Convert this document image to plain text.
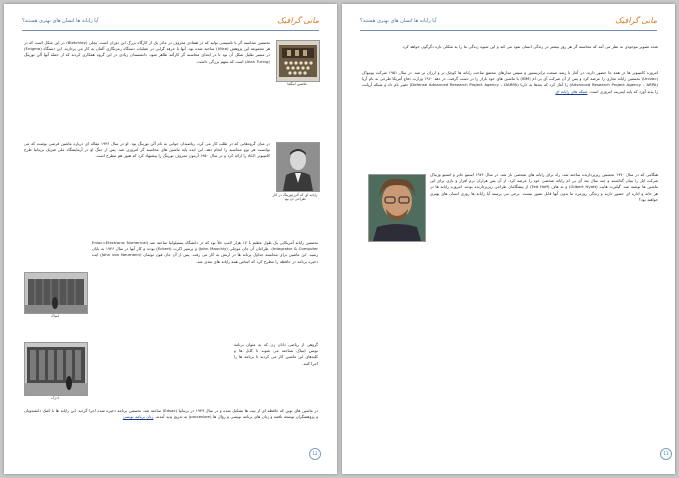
آیا رایانه ها انسان های بهتری هستند؟	مانی گرافیک
ماشین انیگما
نخستین محاسبه گر با تاسیسی تولید که در هفتادی معروف در مادر یک از کارگاه بزرگ این دوران است. بچلی (Bletchley) در این شکل است که در هر مجموعه این پژوهش (Ultra) ساخته شده بود. آنها با حرفه گرایی در عملیات دستگاه رمزنگاری آلمان به کار می پردازند. این دستگاه (Enigma) در مسیر تقلیل شکل آن بود تا در ابتدای محاسبه گر کارآمد ظاهر شود. دانشمندان زیادی در این گروه همکاری کردند که از جمله آنها آلن تورینگ (Alan Turing) است که سهم بزرگی داشت.
رایانه ای که آلن تورینگ در کار طراحی آن بود
در میان گروه‌هایی که در طلب کار می کرد، ریاضیدان جوانی به نام آلن تورینگ بود. او در سال ۱۹۳۶ مقاله ای درباره ماشین فرضی نوشت که می توانست هر نوع محاسبه را انجام دهد. این ایده پایه ماشین های محاسبه گر امروزی شد. پس از جنگ او در آزمایشگاه ملی فیزیک بریتانیا طرح کامپیوتر ACE را ارائه کرد و در سال ۱۹۵۰ آزمون معروف تورینگ را پیشنهاد کرد که هنوز هم مطرح است.
اینیاک
نخستین رایانه آمریکایی یک طول عظیم با ۱۷ هزار لامپ خلأ بود که در دانشگاه پنسیلوانیا ساخته شد (Eniac=Electronic Numerical Integrator & Computer). طراحان آن جان موچلی (John Mauchly) و پرسپر اکرت (Eckert) بودند و کار آنها در سال ۱۹۴۶ به پایان رسید. این ماشین برای محاسبه جداول پرتابه ها در ارتش به کار می رفت. پس از آن جان فون نویمان (John von Neumann) ایده ذخیره برنامه در حافظه را مطرح کرد که اساس همه رایانه های بعدی شد.
ادزک
گروهی از ریاضی دانان زن که به عنوان برنامه نویس اینیاک شناخته می شوند با کابل ها و کلیدهای این ماشین کار می کردند تا برنامه ها را اجرا کنند.
در ماشین های نوین که حافظه ای از بیت ها تشکیل شده و در سال ۱۹۴۹ در بریتانیا (Edsac) ساخته شد، نخستین برنامه ذخیره شده اجرا گردید. این رایانه ها با کمک دانشجویان و پژوهشگران توسعه یافتند و زبان های برنامه نویسی و روال ها (procedure) به تدریج پدید آمدند. زبان برنامه نویسی
12
آیا رایانه ها انسان های بهتری هستند؟	مانی گرافیک
شده تصویر موجودی به نظر می آمد که محاسبه گر هر روز بیشتر در زندگی انسان نفوذ می کند و این شیوه زندگی ما را به شکلی تازه دگرگون خواهد کرد.
امروزه کامپیوتر ها در همه جا حضور دارند. در آغاز با رشد صنعت ترانزیستور و سپس مدارهای مجتمع ساخت رایانه ها کوچک تر و ارزان تر شد. در سال ۱۹۵۱ شرکت یونیواک (Univac) نخستین رایانه تجاری را عرضه کرد و پس از آن شرکت آی بی ام (IBM) با ماشین های خود بازار را در دست گرفت. در دهه ۱۹۶۰ وزارت دفاع آمریکا طرحی به نام آرپا (Advanced Research Project Agency – ARPA) را آغاز کرد که بعدها به داربا (Defense Advanced Research Project Agency – DARPA) تغییر نام داد و شبکه آرپانت را پدید آورد که پایه اینترنت امروزی است. شبکه های رایانه ای
هنگامی که در سال ۱۹۷۰ نخستین ریزپردازنده ساخته شد، راه برای رایانه های شخصی باز شد. در سال ۱۹۷۶ استیو جابز و استیو وزنیاک شرکت اپل را بنیان گذاشتند و چند سال بعد آی بی ام رایانه شخصی خود را عرضه کرد. از آن پس هزاران نرم افزار و بازی برای این ماشین ها نوشته شد. گیلبرت هایت (Gilbert Hyatt) و تد هاف (Ted Hoff) از پیشگامان طراحی ریزپردازنده بودند. امروزه رایانه ها در هر خانه و اداره ای حضور دارند و زندگی روزمره ما بدون آنها قابل تصور نیست. برخی می پرسند آیا رایانه ها روزی انسان های بهتری خواهند بود؟
13
